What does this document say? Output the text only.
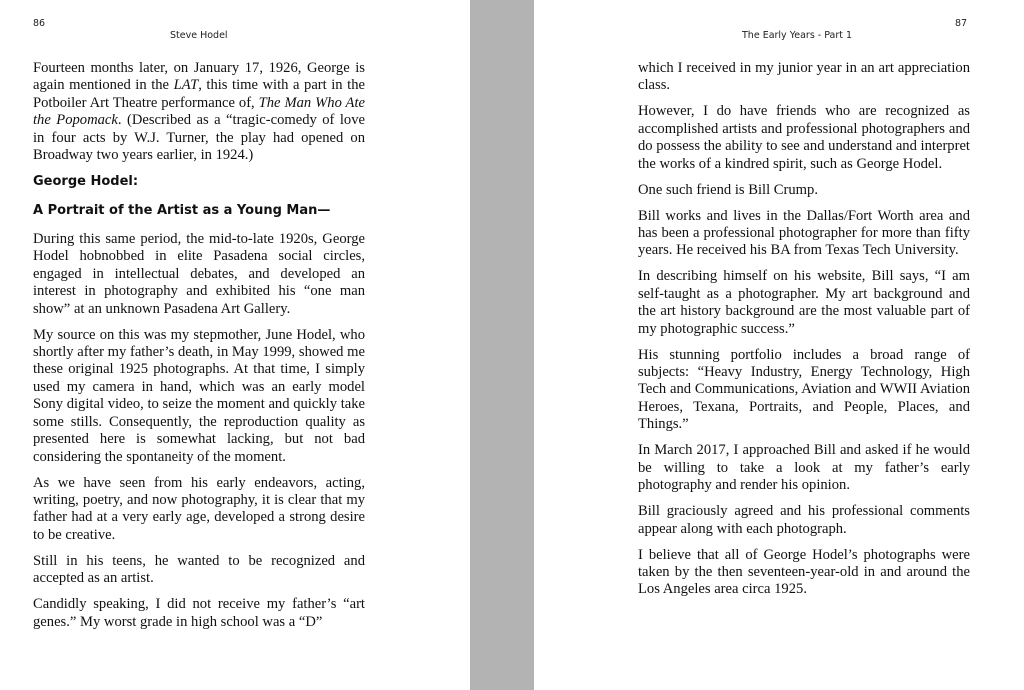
86
Steve Hodel

Fourteen months later, on January 17, 1926, George is again mentioned in the LAT, this time with a part in the Potboiler Art Theatre performance of, The Man Who Ate the Popomack. (Described as a “tragic-comedy of love in four acts by W.J. Turner, the play had opened on Broadway two years earlier, in 1924.)

George Hodel:
A Portrait of the Artist as a Young Man—

During this same period, the mid-to-late 1920s, George Hodel hobnobbed in elite Pasadena social circles, engaged in intellectual debates, and developed an interest in photography and exhibited his “one man show” at an unknown Pasadena Art Gallery.

My source on this was my stepmother, June Hodel, who shortly after my father’s death, in May 1999, showed me these original 1925 photographs. At that time, I simply used my camera in hand, which was an early model Sony digital video, to seize the moment and quickly take some stills. Consequently, the reproduction quality as presented here is somewhat lacking, but not bad considering the spontaneity of the moment.

As we have seen from his early endeavors, acting, writing, poetry, and now photography, it is clear that my father had at a very early age, developed a strong desire to be creative.

Still in his teens, he wanted to be recognized and accepted as an artist.

Candidly speaking, I did not receive my father’s “art genes.” My worst grade in high school was a “D”

87
The Early Years - Part 1

which I received in my junior year in an art appreciation class.

However, I do have friends who are recognized as accomplished artists and professional photographers and do possess the ability to see and understand and interpret the works of a kindred spirit, such as George Hodel.

One such friend is Bill Crump.

Bill works and lives in the Dallas/Fort Worth area and has been a professional photographer for more than fifty years. He received his BA from Texas Tech University.

In describing himself on his website, Bill says, “I am self-taught as a photographer. My art background and the art history background are the most valuable part of my photographic success.”

His stunning portfolio includes a broad range of subjects: “Heavy Industry, Energy Technology, High Tech and Communications, Aviation and WWII Aviation Heroes, Texana, Portraits, and People, Places, and Things.”

In March 2017, I approached Bill and asked if he would be willing to take a look at my father’s early photography and render his opinion.

Bill graciously agreed and his professional comments appear along with each photograph.

I believe that all of George Hodel’s photographs were taken by the then seventeen-year-old in and around the Los Angeles area circa 1925.
